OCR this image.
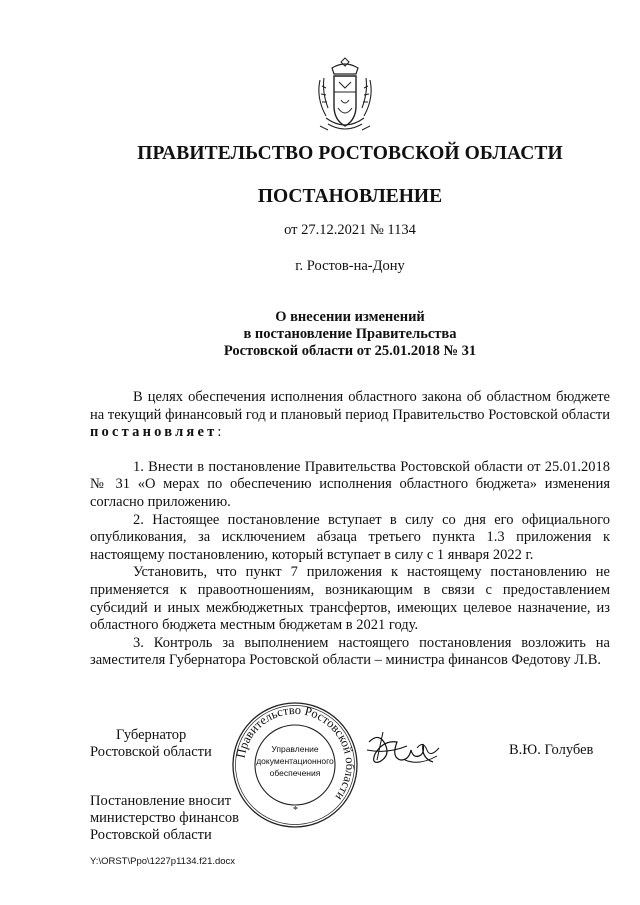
ПРАВИТЕЛЬСТВО РОСТОВСКОЙ ОБЛАСТИ
ПОСТАНОВЛЕНИЕ
от 27.12.2021 № 1134
г. Ростов-на-Дону
О внесении изменений
в постановление Правительства
Ростовской области от 25.01.2018 № 31

В целях обеспечения исполнения областного закона об областном бюджете на текущий финансовый год и плановый период Правительство Ростовской области постановляет:

1. Внести в постановление Правительства Ростовской области от 25.01.2018 № 31 «О мерах по обеспечению исполнения областного бюджета» изменения согласно приложению.

2. Настоящее постановление вступает в силу со дня его официального опубликования, за исключением абзаца третьего пункта 1.3 приложения к настоящему постановлению, который вступает в силу с 1 января 2022 г.

Установить, что пункт 7 приложения к настоящему постановлению не применяется к правоотношениям, возникающим в связи с предоставлением субсидий и иных межбюджетных трансфертов, имеющих целевое назначение, из областного бюджета местным бюджетам в 2021 году.

3. Контроль за выполнением настоящего постановления возложить на заместителя Губернатора Ростовской области – министра финансов Федотову Л.В.

Губернатор
Ростовской области Правительство Ростовской области
Управление
документационного
обеспечения
*
В.Ю. Голубев
Постановление вносит
министерство финансов
Ростовской области
Y:\ORST\Ppo\1227p1134.f21.docx
